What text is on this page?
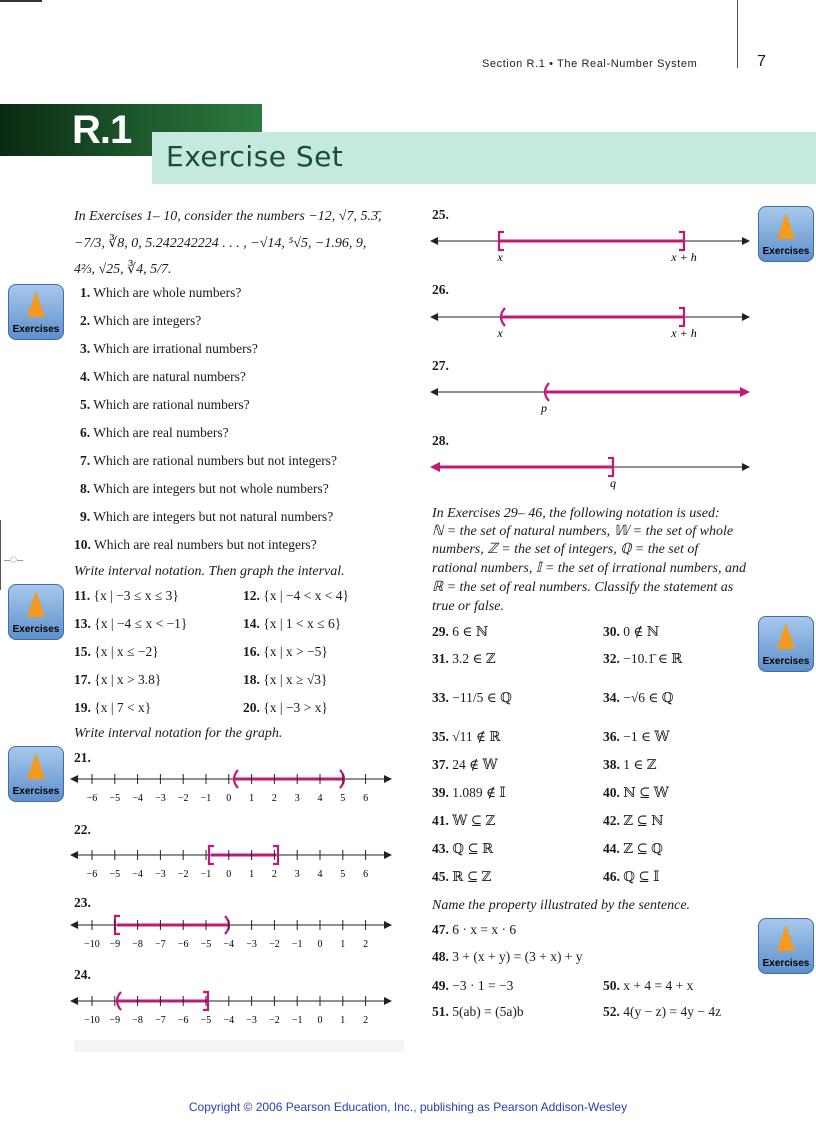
Section R.1 • The Real-Number System	7
R.1
Exercise Set
–◌–
Exercises
Exercises
Exercises
Exercises
Exercises
Exercises
In Exercises 1– 10, consider the numbers −12, √7, 5.3̄,
−7/3, ∛8, 0, 5.242242224 . . . , −√14, ⁵√5, −1.96, 9,
4⅔, √25, ∛4, 5/7.
1. Which are whole numbers?
2. Which are integers?
3. Which are irrational numbers?
4. Which are natural numbers?
5. Which are rational numbers?
6. Which are real numbers?
7. Which are rational numbers but not integers?
8. Which are integers but not whole numbers?
9. Which are integers but not natural numbers?
10. Which are real numbers but not integers?
Write interval notation. Then graph the interval.
11. {x | −3 ≤ x ≤ 3}	12. {x | −4 < x < 4}
13. {x | −4 ≤ x < −1}	14. {x | 1 < x ≤ 6}
15. {x | x ≤ −2}	16. {x | x > −5}
17. {x | x > 3.8}	18. {x | x ≥ √3}
19. {x | 7 < x}	20. {x | −3 > x}
Write interval notation for the graph.
21.
−6 −5 −4 −3 −2 −1 0 1 2 3 4 5 6
22.
−6 −5 −4 −3 −2 −1 0 1 2 3 4 5 6
23.
−10 −9 −8 −7 −6 −5 −4 −3 −2 −1 0 1 2
24.
−10 −9 −8 −7 −6 −5 −4 −3 −2 −1 0 1 2
25.
x	x + h
26.
x	x + h
27.
p
28.
q
In Exercises 29– 46, the following notation is used:
ℕ = the set of natural numbers, 𝕎 = the set of whole
numbers, ℤ = the set of integers, ℚ = the set of
rational numbers, 𝕀 = the set of irrational numbers, and
ℝ = the set of real numbers. Classify the statement as
true or false.
29. 6 ∈ ℕ	30. 0 ∉ ℕ
31. 3.2 ∈ ℤ	32. −10.1̄ ∈ ℝ
33. −11/5 ∈ ℚ	34. −√6 ∈ ℚ
35. √11 ∉ ℝ	36. −1 ∈ 𝕎
37. 24 ∉ 𝕎	38. 1 ∈ ℤ
39. 1.089 ∉ 𝕀	40. ℕ ⊆ 𝕎
41. 𝕎 ⊆ ℤ	42. ℤ ⊆ ℕ
43. ℚ ⊆ ℝ	44. ℤ ⊆ ℚ
45. ℝ ⊆ ℤ	46. ℚ ⊆ 𝕀
Name the property illustrated by the sentence.
47. 6 · x = x · 6
48. 3 + (x + y) = (3 + x) + y
49. −3 · 1 = −3	50. x + 4 = 4 + x
51. 5(ab) = (5a)b	52. 4(y − z) = 4y − 4z
Copyright © 2006 Pearson Education, Inc., publishing as Pearson Addison-Wesley
